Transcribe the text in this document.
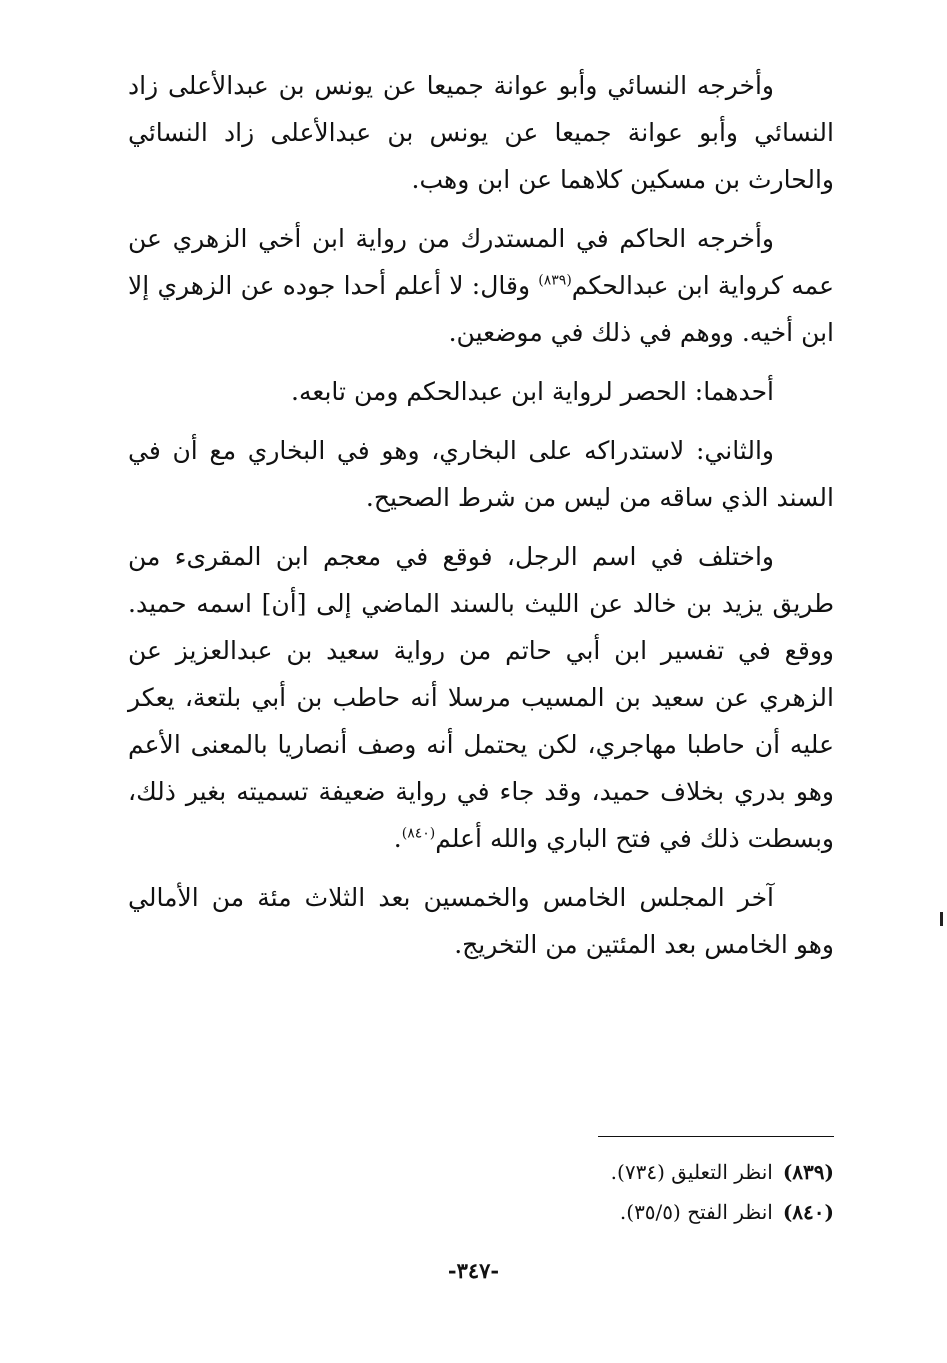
وأخرجه النسائي وأبو عوانة جميعا عن يونس بن عبدالأعلى زاد النسائي وأبو عوانة جميعا عن يونس بن عبدالأعلى زاد النسائي والحارث بن مسكين كلاهما عن ابن وهب.

وأخرجه الحاكم في المستدرك من رواية ابن أخي الزهري عن عمه كرواية ابن عبدالحكم$^{(٨٣٩)}$ وقال: لا أعلم أحدا جوده عن الزهري إلا ابن أخيه. ووهم في ذلك في موضعين.

أحدهما: الحصر لرواية ابن عبدالحكم ومن تابعه.

والثاني: لاستدراكه على البخاري، وهو في البخاري مع أن في السند الذي ساقه من ليس من شرط الصحيح.

واختلف في اسم الرجل، فوقع في معجم ابن المقرىء من طريق يزيد بن خالد عن الليث بالسند الماضي إلى [أن] اسمه حميد. ووقع في تفسير ابن أبي حاتم من رواية سعيد بن عبدالعزيز عن الزهري عن سعيد بن المسيب مرسلا أنه حاطب بن أبي بلتعة، يعكر عليه أن حاطبا مهاجري، لكن يحتمل أنه وصف أنصاريا بالمعنى الأعم وهو بدري بخلاف حميد، وقد جاء في رواية ضعيفة تسميته بغير ذلك، وبسطت ذلك في فتح الباري والله أعلم$^{(٨٤٠)}$.

آخر المجلس الخامس والخمسين بعد الثلاث مئة من الأمالي وهو الخامس بعد المئتين من التخريج.

(٨٣٩)انظر التعليق (٧٣٤).

(٨٤٠)انظر الفتح (٣٥/٥).

-٣٤٧-
